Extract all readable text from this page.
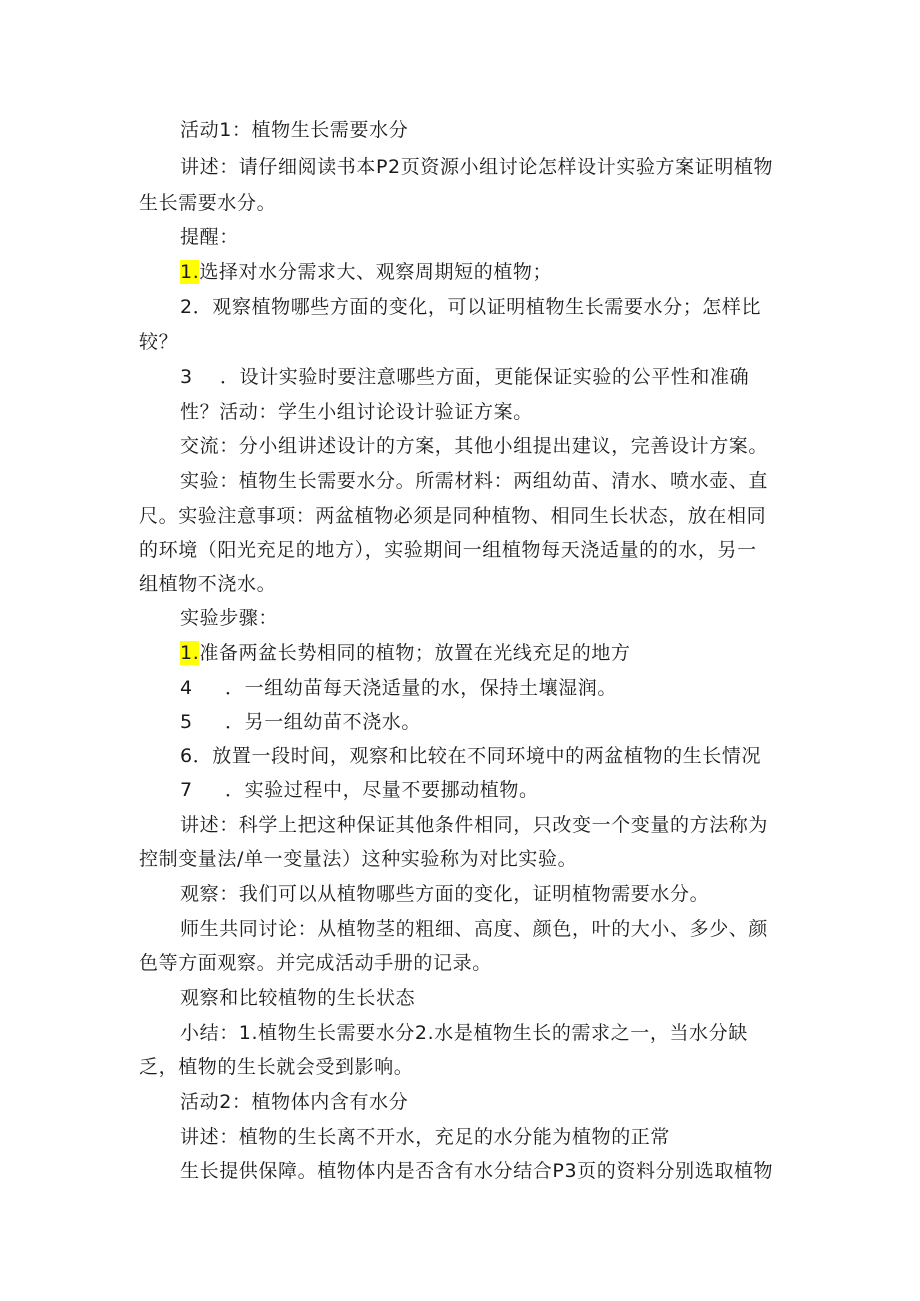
活动1：植物生长需要水分
讲述：请仔细阅读书本P2页资源小组讨论怎样设计实验方案证明植物
生长需要水分。
提醒：
1.选择对水分需求大、观察周期短的植物；
2．观察植物哪些方面的变化，可以证明植物生长需要水分；怎样比
较？
3 ．设计实验时要注意哪些方面，更能保证实验的公平性和准确
性？活动：学生小组讨论设计验证方案。
交流：分小组讲述设计的方案，其他小组提出建议，完善设计方案。
实验：植物生长需要水分。所需材料：两组幼苗、清水、喷水壶、直
尺。实验注意事项：两盆植物必须是同种植物、相同生长状态，放在相同
的环境（阳光充足的地方），实验期间一组植物每天浇适量的的水，另一
组植物不浇水。
实验步骤：
1.准备两盆长势相同的植物；放置在光线充足的地方
4 ．一组幼苗每天浇适量的水，保持土壤湿润。
5 ．另一组幼苗不浇水。
6．放置一段时间，观察和比较在不同环境中的两盆植物的生长情况
7 ．实验过程中，尽量不要挪动植物。
讲述：科学上把这种保证其他条件相同，只改变一个变量的方法称为
控制变量法/单一变量法）这种实验称为对比实验。
观察：我们可以从植物哪些方面的变化，证明植物需要水分。
师生共同讨论：从植物茎的粗细、高度、颜色，叶的大小、多少、颜
色等方面观察。并完成活动手册的记录。
观察和比较植物的生长状态
小结：1.植物生长需要水分2.水是植物生长的需求之一，当水分缺
乏，植物的生长就会受到影响。
活动2：植物体内含有水分
讲述：植物的生长离不开水，充足的水分能为植物的正常
生长提供保障。植物体内是否含有水分结合P3页的资料分别选取植物
